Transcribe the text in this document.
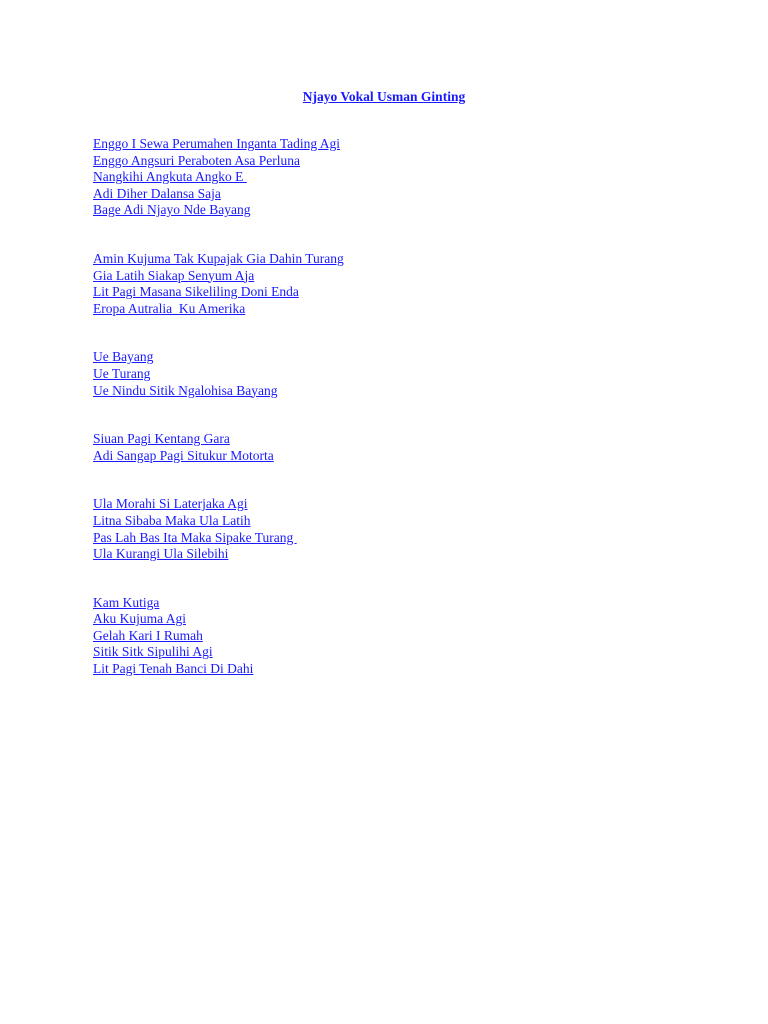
Njayo Vokal Usman Ginting
Enggo I Sewa Perumahen Inganta Tading Agi
Enggo Angsuri Peraboten Asa Perluna
Nangkihi Angkuta Angko E
Adi Diher Dalansa Saja
Bage Adi Njayo Nde Bayang
Amin Kujuma Tak Kupajak Gia Dahin Turang
Gia Latih Siakap Senyum Aja
Lit Pagi Masana Sikeliling Doni Enda
Eropa Autralia  Ku Amerika
Ue Bayang
Ue Turang
Ue Nindu Sitik Ngalohisa Bayang
Siuan Pagi Kentang Gara
Adi Sangap Pagi Situkur Motorta
Ula Morahi Si Laterjaka Agi
Litna Sibaba Maka Ula Latih
Pas Lah Bas Ita Maka Sipake Turang
Ula Kurangi Ula Silebihi
Kam Kutiga
Aku Kujuma Agi
Gelah Kari I Rumah
Sitik Sitk Sipulihi Agi
Lit Pagi Tenah Banci Di Dahi
